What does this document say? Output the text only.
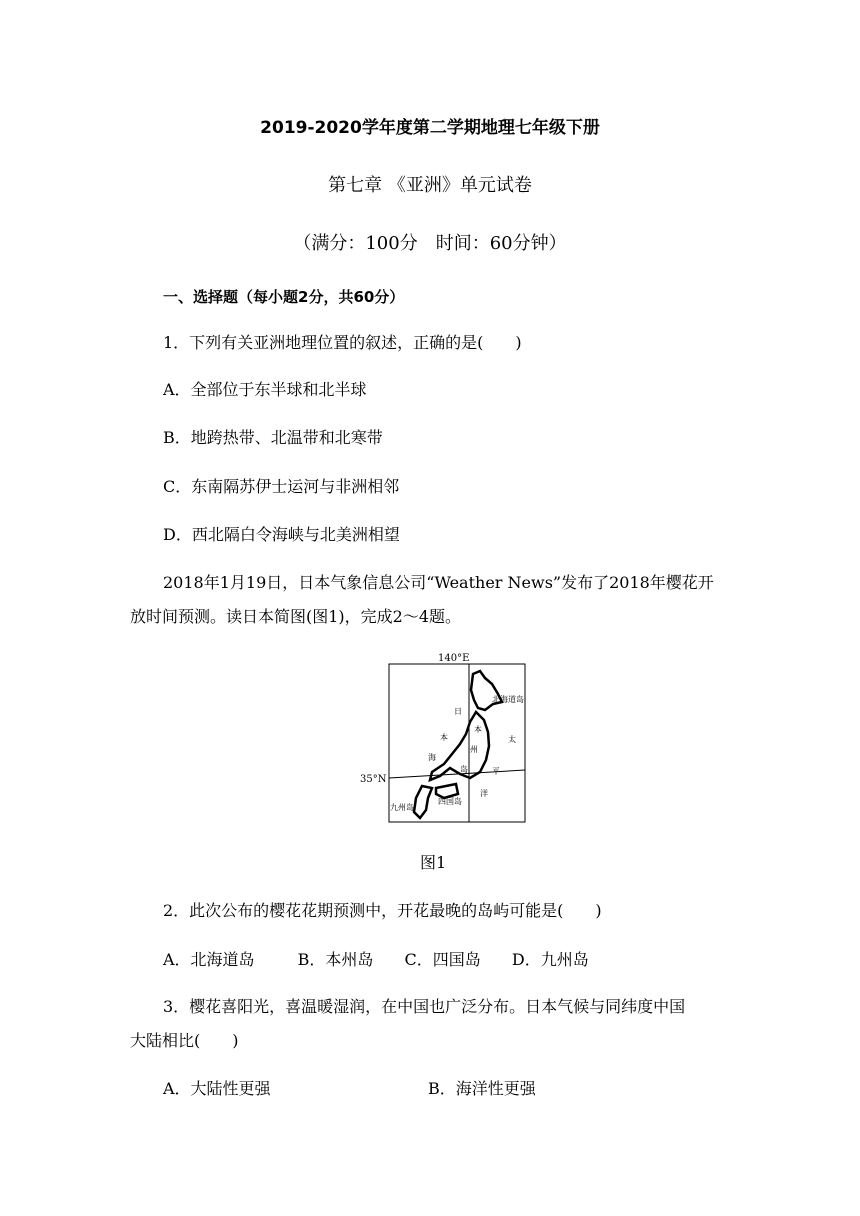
2019-2020学年度第二学期地理七年级下册
第七章 《亚洲》单元试卷
（满分：100分　时间：60分钟）
一、选择题（每小题2分，共60分）
1．下列有关亚洲地理位置的叙述，正确的是(　　)
A．全部位于东半球和北半球
B．地跨热带、北温带和北寒带
C．东南隔苏伊士运河与非洲相邻
D．西北隔白令海峡与北美洲相望
2018年1月19日，日本气象信息公司“Weather News”发布了2018年樱花开
放时间预测。读日本简图(图1)，完成2～4题。
140°E
35°N
北海道岛
日
本
海
本
州
岛
太
平
洋
四国岛
九州岛
图1
2．此次公布的樱花花期预测中，开花最晚的岛屿可能是(　　)
A．北海道岛	B．本州岛 C．四国岛 D．九州岛
3．樱花喜阳光，喜温暖湿润，在中国也广泛分布。日本气候与同纬度中国
大陆相比(　　)
A．大陆性更强	B．海洋性更强
